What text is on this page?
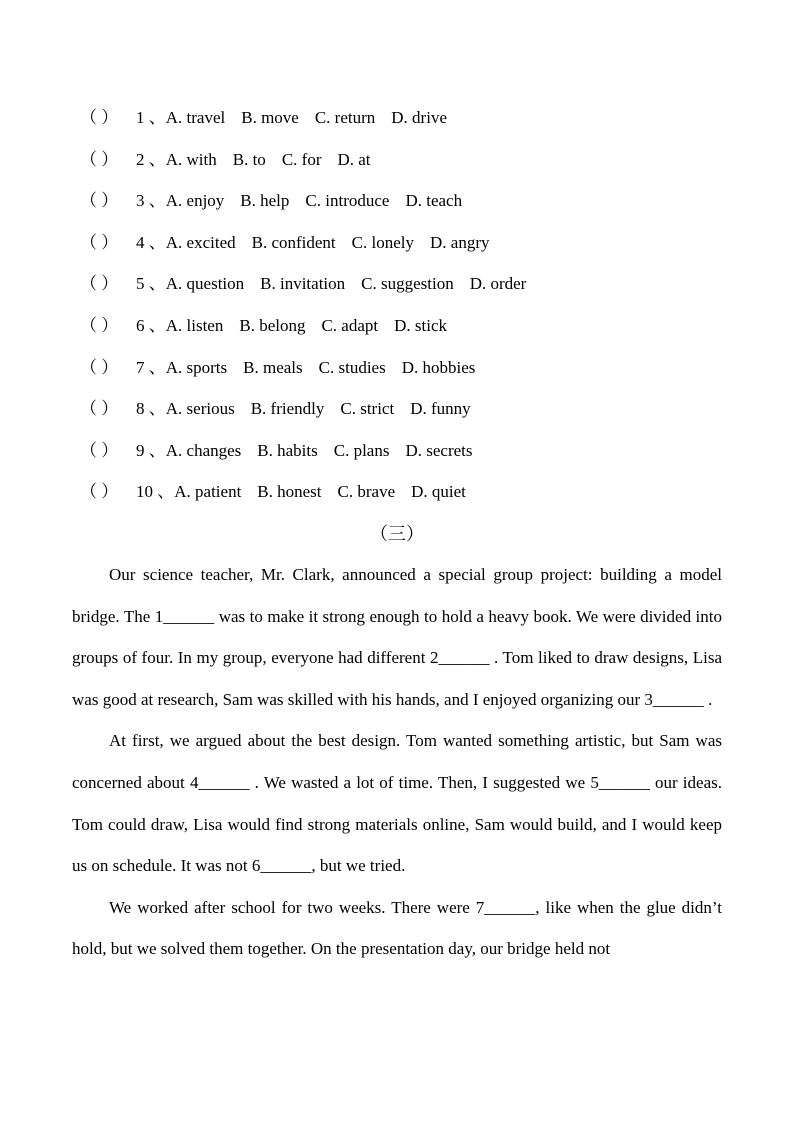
（ ） 1 、A. travel B. move C. return D. drive
（ ） 2 、A. with B. to C. for D. at
（ ） 3 、A. enjoy B. help C. introduce D. teach
（ ） 4 、A. excited B. confident C. lonely D. angry
（ ） 5 、A. question B. invitation C. suggestion D. order
（ ） 6 、A. listen B. belong C. adapt D. stick
（ ） 7 、A. sports B. meals C. studies D. hobbies
（ ） 8 、A. serious B. friendly C. strict D. funny
（ ） 9 、A. changes B. habits C. plans D. secrets
（ ） 10 、A. patient B. honest C. brave D. quiet
（三）

Our science teacher, Mr. Clark, announced a special group project: building a model bridge. The 1______ was to make it strong enough to hold a heavy book. We were divided into groups of four. In my group, everyone had different 2______ . Tom liked to draw designs, Lisa was good at research, Sam was skilled with his hands, and I enjoyed organizing our 3______ .

At first, we argued about the best design. Tom wanted something artistic, but Sam was concerned about 4______ . We wasted a lot of time. Then, I suggested we 5______ our ideas. Tom could draw, Lisa would find strong materials online, Sam would build, and I would keep us on schedule. It was not 6______, but we tried.

We worked after school for two weeks. There were 7______, like when the glue didn’t hold, but we solved them together. On the presentation day, our bridge held not
